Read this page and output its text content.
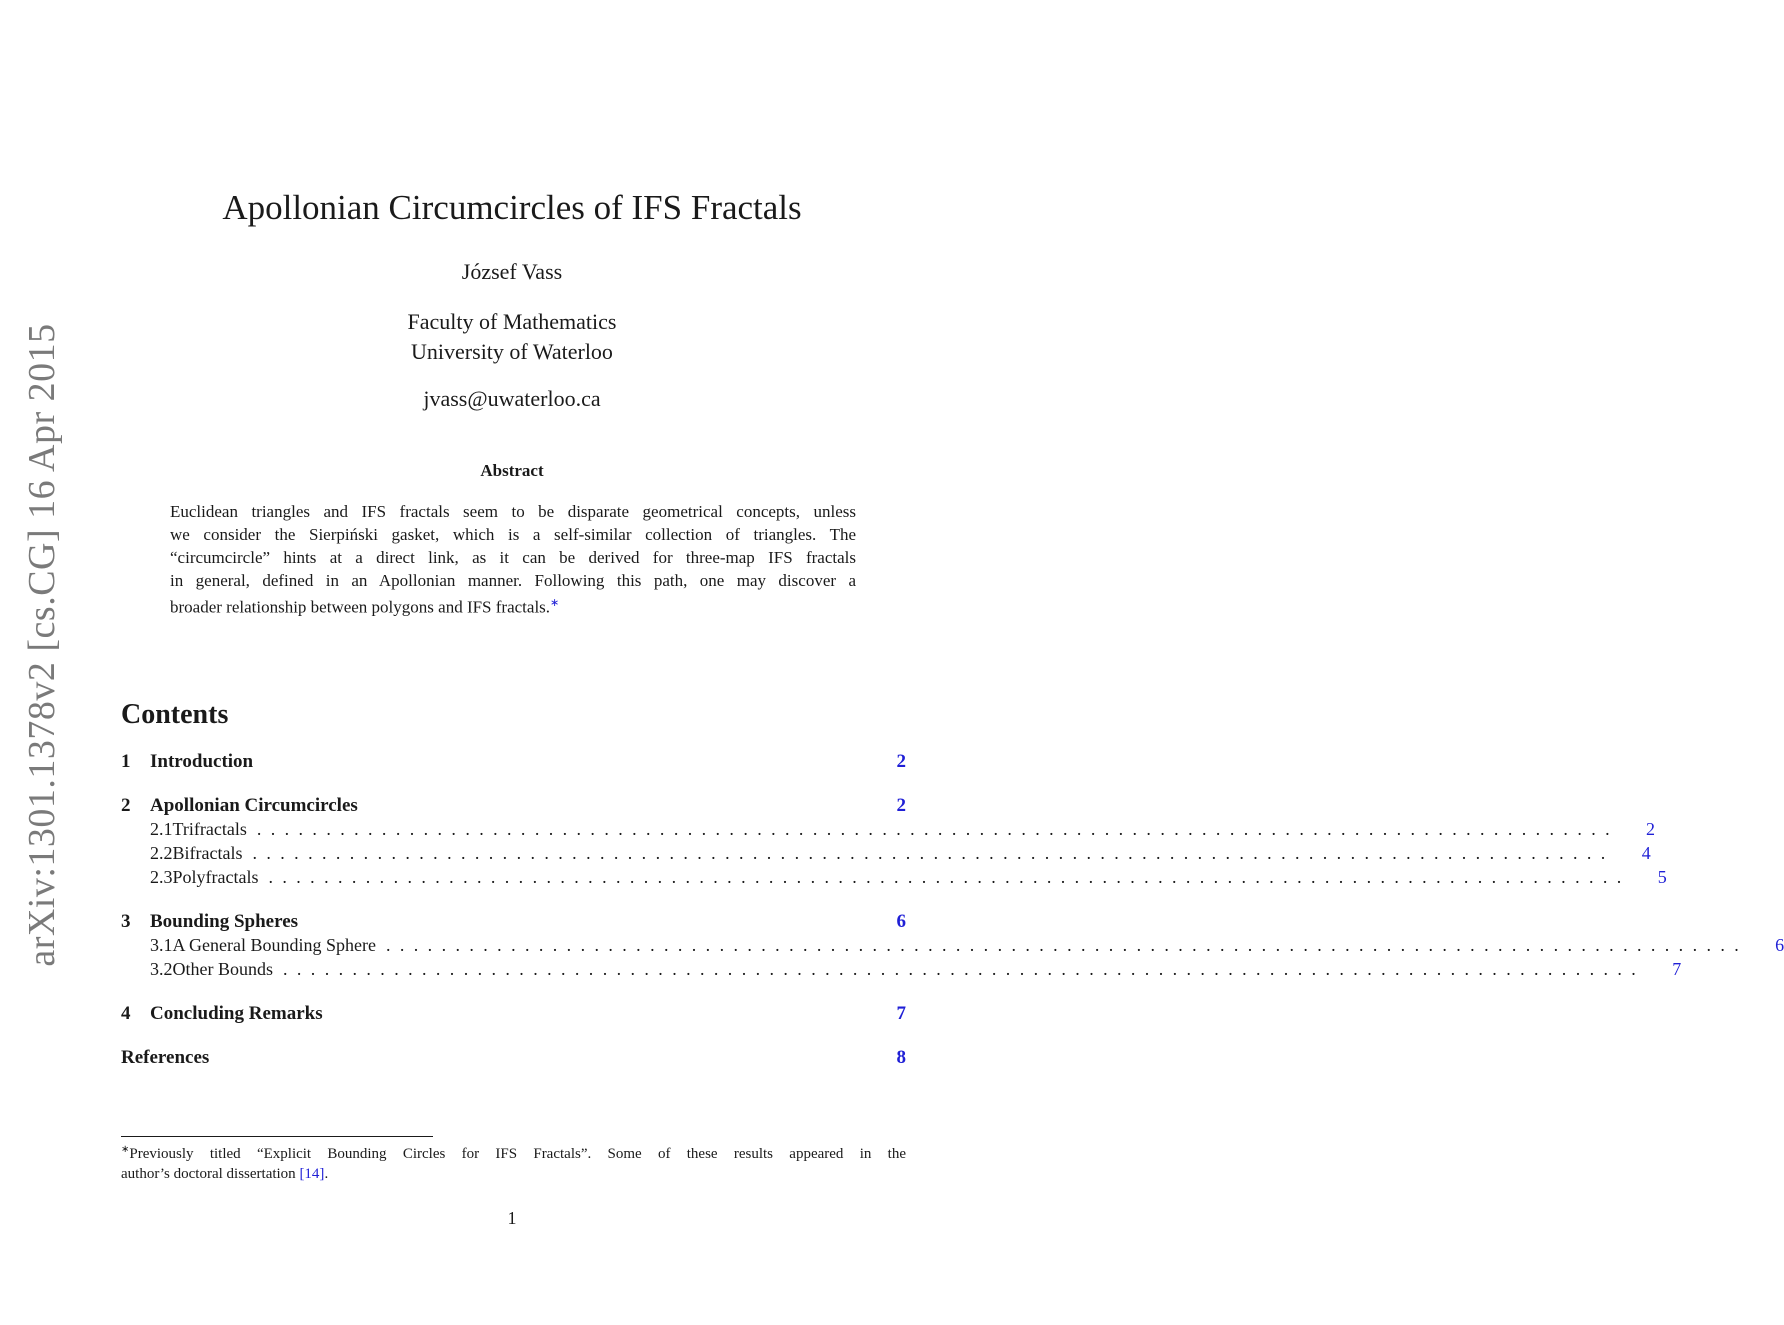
arXiv:1301.1378v2 [cs.CG] 16 Apr 2015
Apollonian Circumcircles of IFS Fractals
József Vass
Faculty of Mathematics
University of Waterloo
jvass@uwaterloo.ca
Abstract
Euclidean triangles and IFS fractals seem to be disparate geometrical concepts, unless
we consider the Sierpiński gasket, which is a self-similar collection of triangles. The
“circumcircle” hints at a direct link, as it can be derived for three-map IFS fractals
in general, defined in an Apollonian manner. Following this path, one may discover a
broader relationship between polygons and IFS fractals.∗
Contents
1	Introduction	2
2	Apollonian Circumcircles	2
2.1 Trifractals .................................................................................................. 2
2.2 Bifractals .................................................................................................. 4
2.3 Polyfractals .................................................................................................. 5
3	Bounding Spheres	6
3.1 A General Bounding Sphere .................................................................................................. 6
3.2 Other Bounds .................................................................................................. 7
4	Concluding Remarks	7
References	8
∗Previously titled “Explicit Bounding Circles for IFS Fractals”. Some of these results appeared in the
author’s doctoral dissertation [14].
1
